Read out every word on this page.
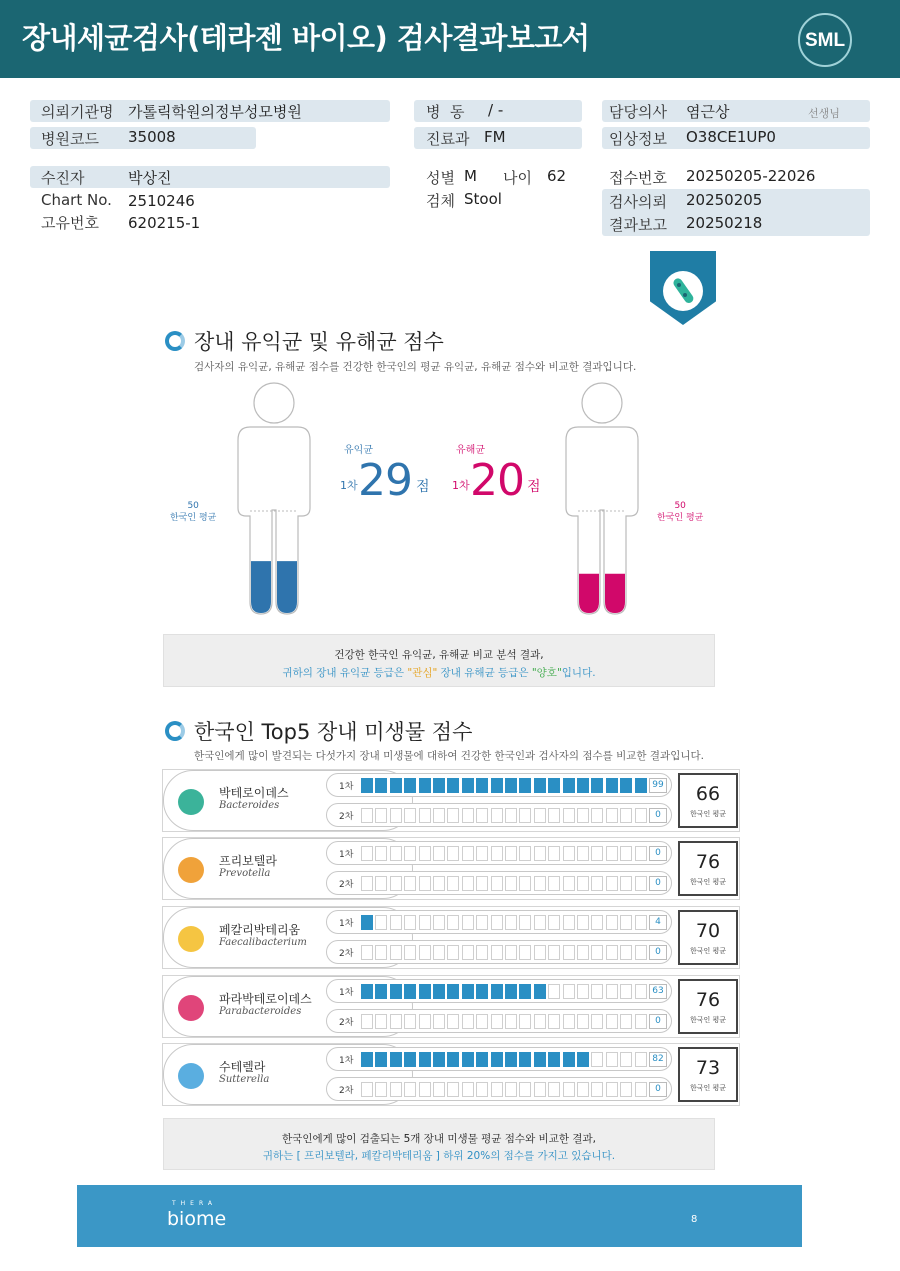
장내세균검사(테라젠 바이오) 검사결과보고서	SML
의뢰기관명 가톨릭학원의정부성모병원
병원코드 35008
병  동 / -
진료과 FM
담당의사 염근상	선생님
임상정보 O38CE1UP0
수진자	박상진
Chart No. 2510246
고유번호 620215-1
성별 M 나이 62
검체 Stool
접수번호 20250205-22026
검사의뢰 20250205
결과보고 20250218
장내 유익균 및 유해균 점수
검사자의 유익균, 유해균 점수를 건강한 한국인의 평균 유익균, 유해균 점수와 비교한 결과입니다.
50
한국인 평균
50
한국인 평균
유익균
1차 29 점
유해균
1차 20 점

건강한 한국인 유익균, 유해균 비교 분석 결과,

귀하의 장내 유익균 등급은 "관심" 장내 유해균 등급은 "양호"입니다.

한국인 Top5 장내 미생물 점수
한국인에게 많이 발견되는 다섯가지 장내 미생물에 대하여 건강한 한국인과 검사자의 점수를 비교한 결과입니다.
박테로이데스
Bacteroides
1차	99
2차	0
66
한국인 평균
프리보텔라
Prevotella
1차	0
2차	0
76
한국인 평균
페칼리박테리움
Faecalibacterium
1차	4
2차	0
70
한국인 평균
파라박테로이데스
Parabacteroides
1차	63
2차	0
76
한국인 평균
수테렐라
Sutterella
1차	82
2차	0
73
한국인 평균

한국인에게 많이 검출되는 5개 장내 미생물 평균 점수와 비교한 결과,

귀하는 [ 프리보텔라, 페칼리박테리움 ] 하위 20%의 점수를 가지고 있습니다.

THERA
biome	8
